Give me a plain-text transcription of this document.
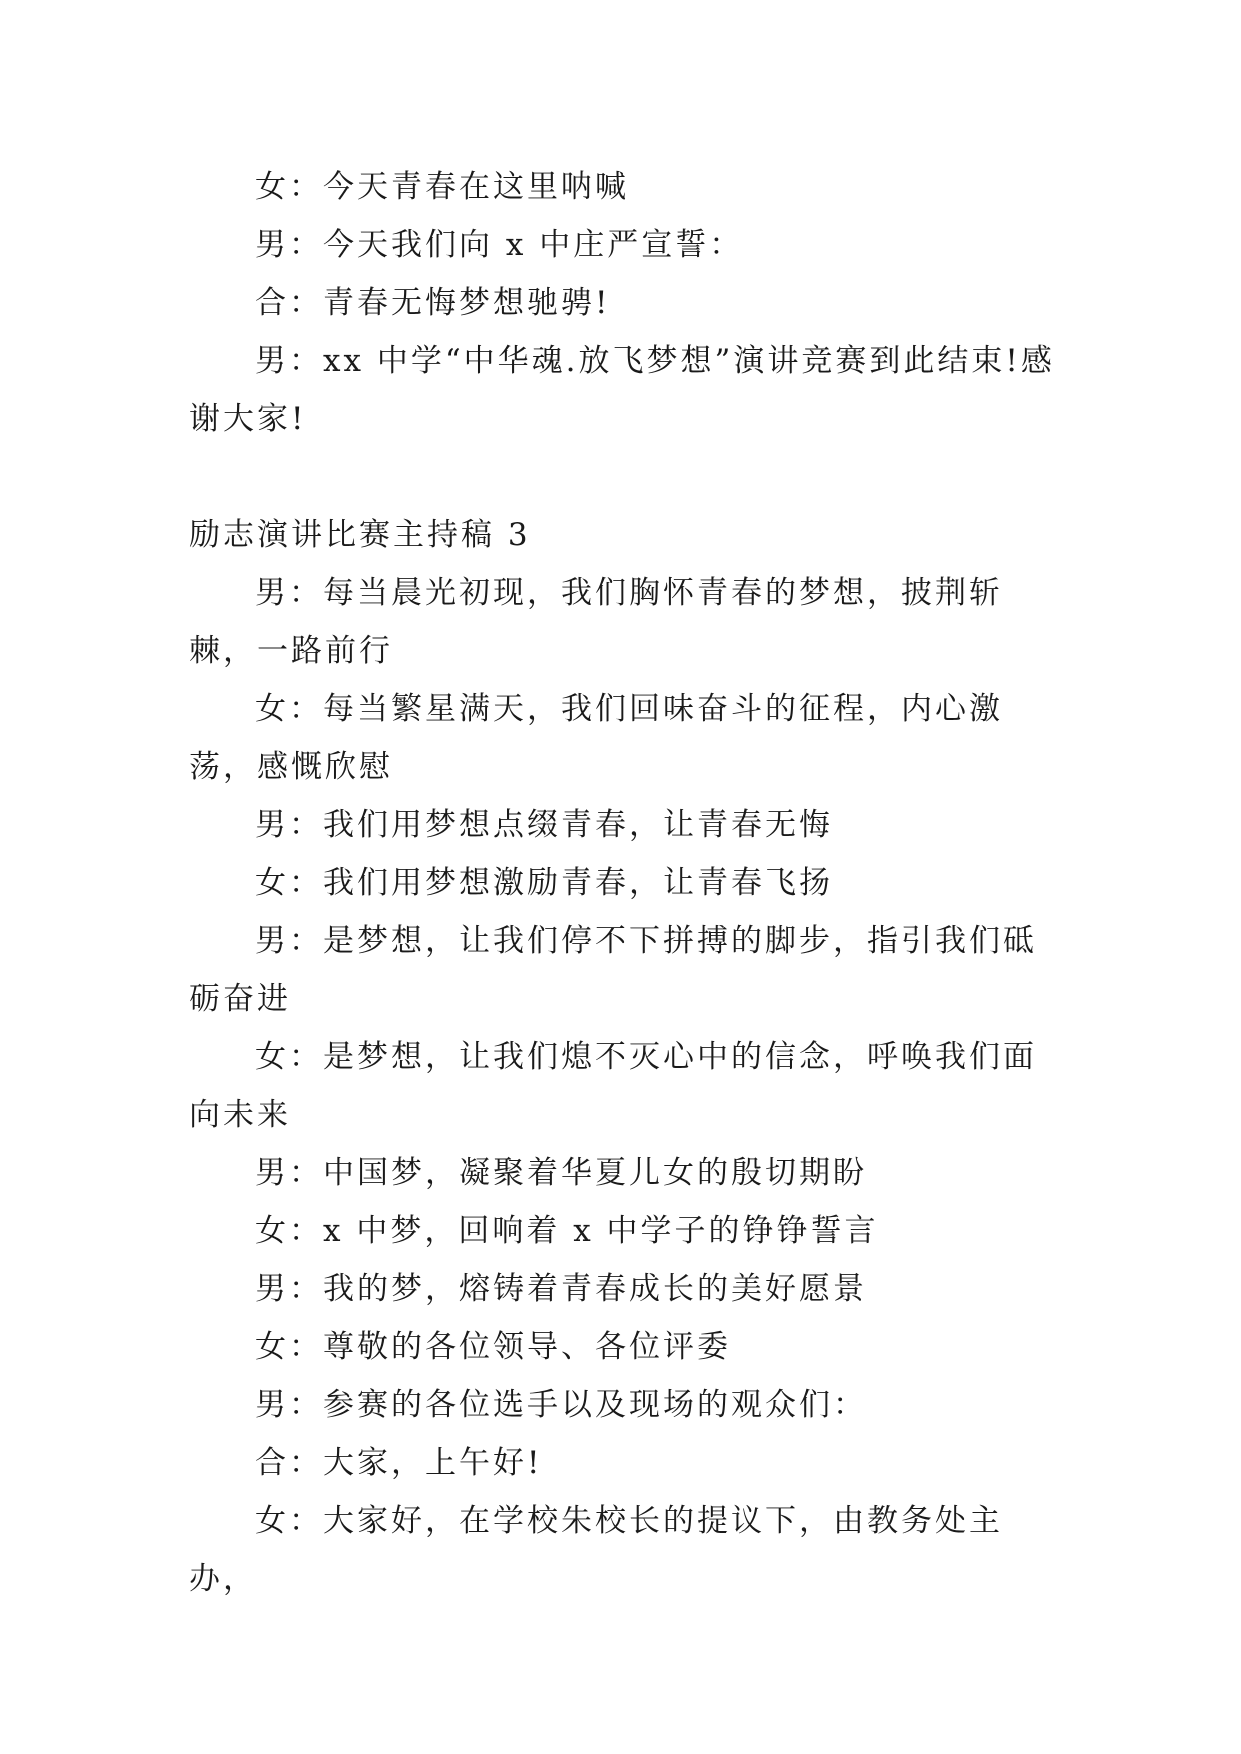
女：今天青春在这里呐喊

男：今天我们向 x 中庄严宣誓：

合：青春无悔梦想驰骋!

男：xx 中学“中华魂.放飞梦想”演讲竞赛到此结束!感谢大家!

励志演讲比赛主持稿 3

男：每当晨光初现，我们胸怀青春的梦想，披荆斩棘，一路前行

女：每当繁星满天，我们回味奋斗的征程，内心激荡，感慨欣慰

男：我们用梦想点缀青春，让青春无悔

女：我们用梦想激励青春，让青春飞扬

男：是梦想，让我们停不下拼搏的脚步，指引我们砥砺奋进

女：是梦想，让我们熄不灭心中的信念，呼唤我们面向未来

男：中国梦，凝聚着华夏儿女的殷切期盼

女：x 中梦，回响着 x 中学子的铮铮誓言

男：我的梦，熔铸着青春成长的美好愿景

女：尊敬的各位领导、各位评委

男：参赛的各位选手以及现场的观众们：

合：大家，上午好!

女：大家好，在学校朱校长的提议下，由教务处主办，
